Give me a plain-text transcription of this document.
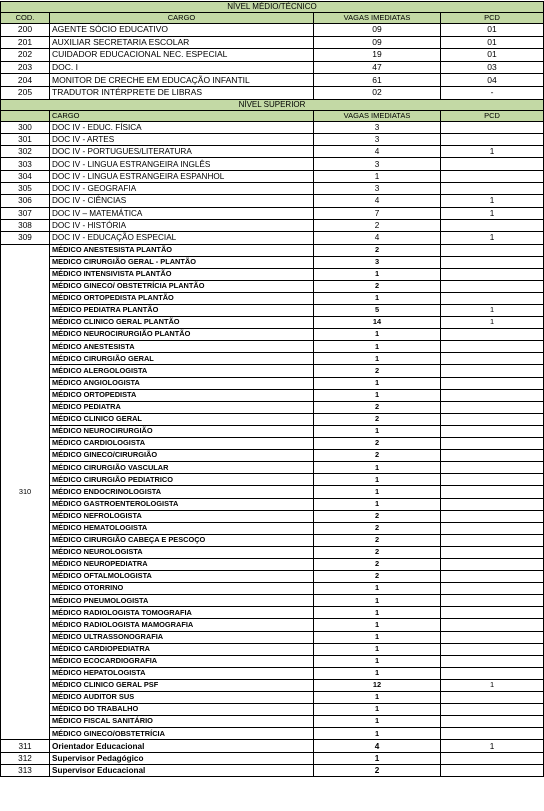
NÍVEL MÉDIO/TÉCNICO			
COD.	CARGO	VAGAS IMEDIATAS	PCD
200	AGENTE SÓCIO EDUCATIVO	09	01
201	AUXILIAR SECRETARIA ESCOLAR	09	01
202	CUIDADOR EDUCACIONAL NEC. ESPECIAL	19	01
203	DOC. I	47	03
204	MONITOR DE CRECHE EM EDUCAÇÃO INFANTIL	61	04
205	TRADUTOR INTÉRPRETE DE LIBRAS	02	-
NÍVEL SUPERIOR			
	CARGO	VAGAS IMEDIATAS	PCD
300	DOC IV - EDUC. FÍSICA	3	
301	DOC IV - ARTES	3	
302	DOC IV - PORTUGUES/LITERATURA	4	1
303	DOC IV - LINGUA ESTRANGEIRA INGLÊS	3	
304	DOC IV - LINGUA ESTRANGEIRA ESPANHOL	1	
305	DOC IV - GEOGRAFIA	3	
306	DOC IV - CIÊNCIAS	4	1
307	DOC IV – MATEMÁTICA	7	1
308	DOC IV - HISTÓRIA	2	
309	DOC IV - EDUCAÇÃO ESPECIAL	4	1
310	MÉDICO ANESTESISTA PLANTÃO	2	
	MEDICO CIRURGIÃO GERAL - PLANTÃO	3	
	MÉDICO INTENSIVISTA PLANTÃO	1	
	MÉDICO GINECO/ OBSTETRÍCIA PLANTÃO	2	
	MÉDICO ORTOPEDISTA PLANTÃO	1	
	MÉDICO PEDIATRA PLANTÃO	5	1
	MÉDICO CLINICO GERAL PLANTÃO	14	1
	MÉDICO NEUROCIRURGIÃO PLANTÃO	1	
	MÉDICO ANESTESISTA	1	
	MÉDICO CIRURGIÃO GERAL	1	
	MÉDICO ALERGOLOGISTA	2	
	MÉDICO ANGIOLOGISTA	1	
	MÉDICO ORTOPEDISTA	1	
	MÉDICO PEDIATRA	2	
	MÉDICO CLINICO GERAL	2	
	MÉDICO NEUROCIRURGIÃO	1	
	MÉDICO CARDIOLOGISTA	2	
	MÉDICO GINECO/CIRURGIÃO	2	
	MÉDICO CIRURGIÃO VASCULAR	1	
	MÉDICO CIRURGIÃO PEDIATRICO	1	
	MÉDICO ENDOCRINOLOGISTA	1	
	MÉDICO GASTROENTEROLOGISTA	1	
	MÉDICO NEFROLOGISTA	2	
	MÉDICO HEMATOLOGISTA	2	
	MÉDICO CIRURGIÃO CABEÇA E PESCOÇO	2	
	MÉDICO NEUROLOGISTA	2	
	MÉDICO NEUROPEDIATRA	2	
	MÉDICO OFTALMOLOGISTA	2	
	MÉDICO OTORRINO	1	
	MÉDICO PNEUMOLOGISTA	1	
	MÉDICO RADIOLOGISTA TOMOGRAFIA	1	
	MÉDICO RADIOLOGISTA MAMOGRAFIA	1	
	MÉDICO ULTRASSONOGRAFIA	1	
	MÉDICO CARDIOPEDIATRA	1	
	MÉDICO ECOCARDIOGRAFIA	1	
	MÉDICO HEPATOLOGISTA	1	
	MÉDICO CLINICO GERAL PSF	12	1
	MÉDICO AUDITOR SUS	1	
	MÉDICO DO TRABALHO	1	
	MÉDICO FISCAL SANITÁRIO	1	
	MÉDICO GINECO/OBSTETRÍCIA	1	
311	Orientador Educacional	4	1
312	Supervisor Pedagógico	1	
313	Supervisor Educacional	2	
